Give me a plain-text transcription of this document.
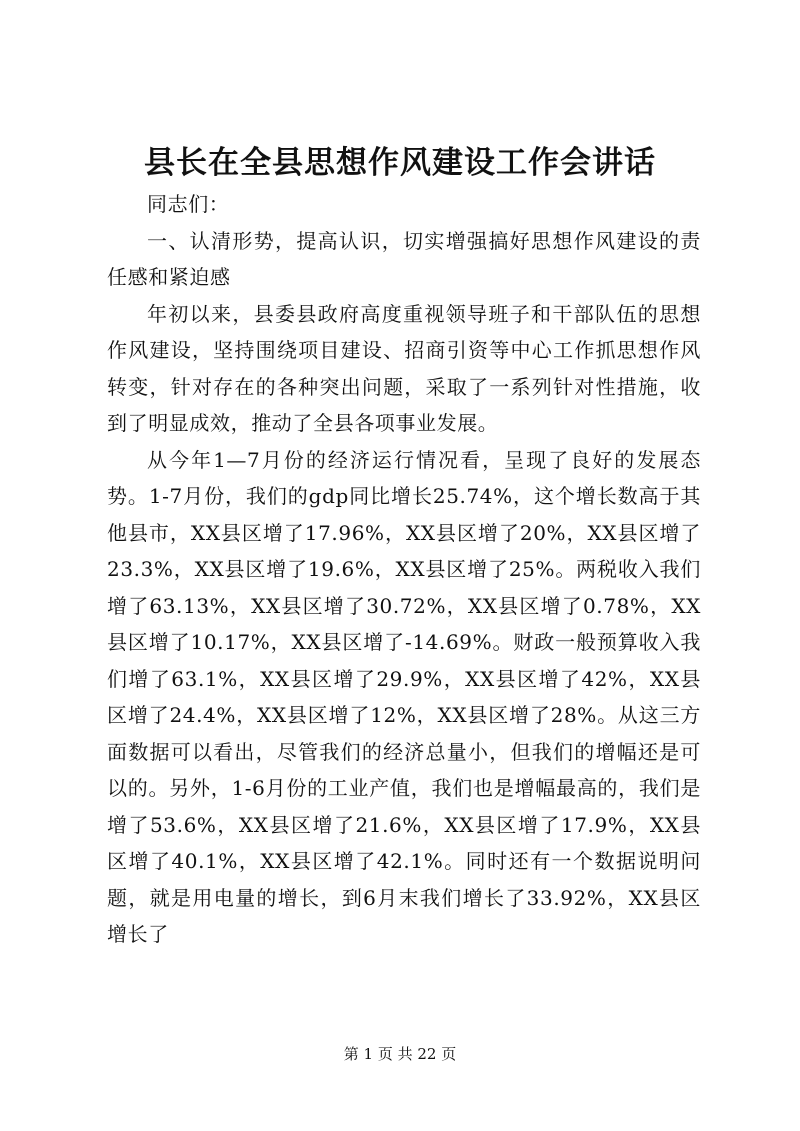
县长在全县思想作风建设工作会讲话

同志们：

一、认清形势，提高认识，切实增强搞好思想作风建设的责任感和紧迫感

年初以来，县委县政府高度重视领导班子和干部队伍的思想作风建设，坚持围绕项目建设、招商引资等中心工作抓思想作风转变，针对存在的各种突出问题，采取了一系列针对性措施，收到了明显成效，推动了全县各项事业发展。

从今年1—7月份的经济运行情况看，呈现了良好的发展态势。1-7月份，我们的gdp同比增长25.74%，这个增长数高于其他县市，XX县区增了17.96%，XX县区增了20%，XX县区增了23.3%，XX县区增了19.6%，XX县区增了25%。两税收入我们增了63.13%，XX县区增了30.72%，XX县区增了0.78%，XX县区增了10.17%，XX县区增了-14.69%。财政一般预算收入我们增了63.1%，XX县区增了29.9%，XX县区增了42%，XX县区增了24.4%，XX县区增了12%，XX县区增了28%。从这三方面数据可以看出，尽管我们的经济总量小，但我们的增幅还是可以的。另外，1-6月份的工业产值，我们也是增幅最高的，我们是增了53.6%，XX县区增了21.6%，XX县区增了17.9%，XX县区增了40.1%，XX县区增了42.1%。同时还有一个数据说明问题，就是用电量的增长，到6月末我们增长了33.92%，XX县区增长了

第 1 页 共 22 页
